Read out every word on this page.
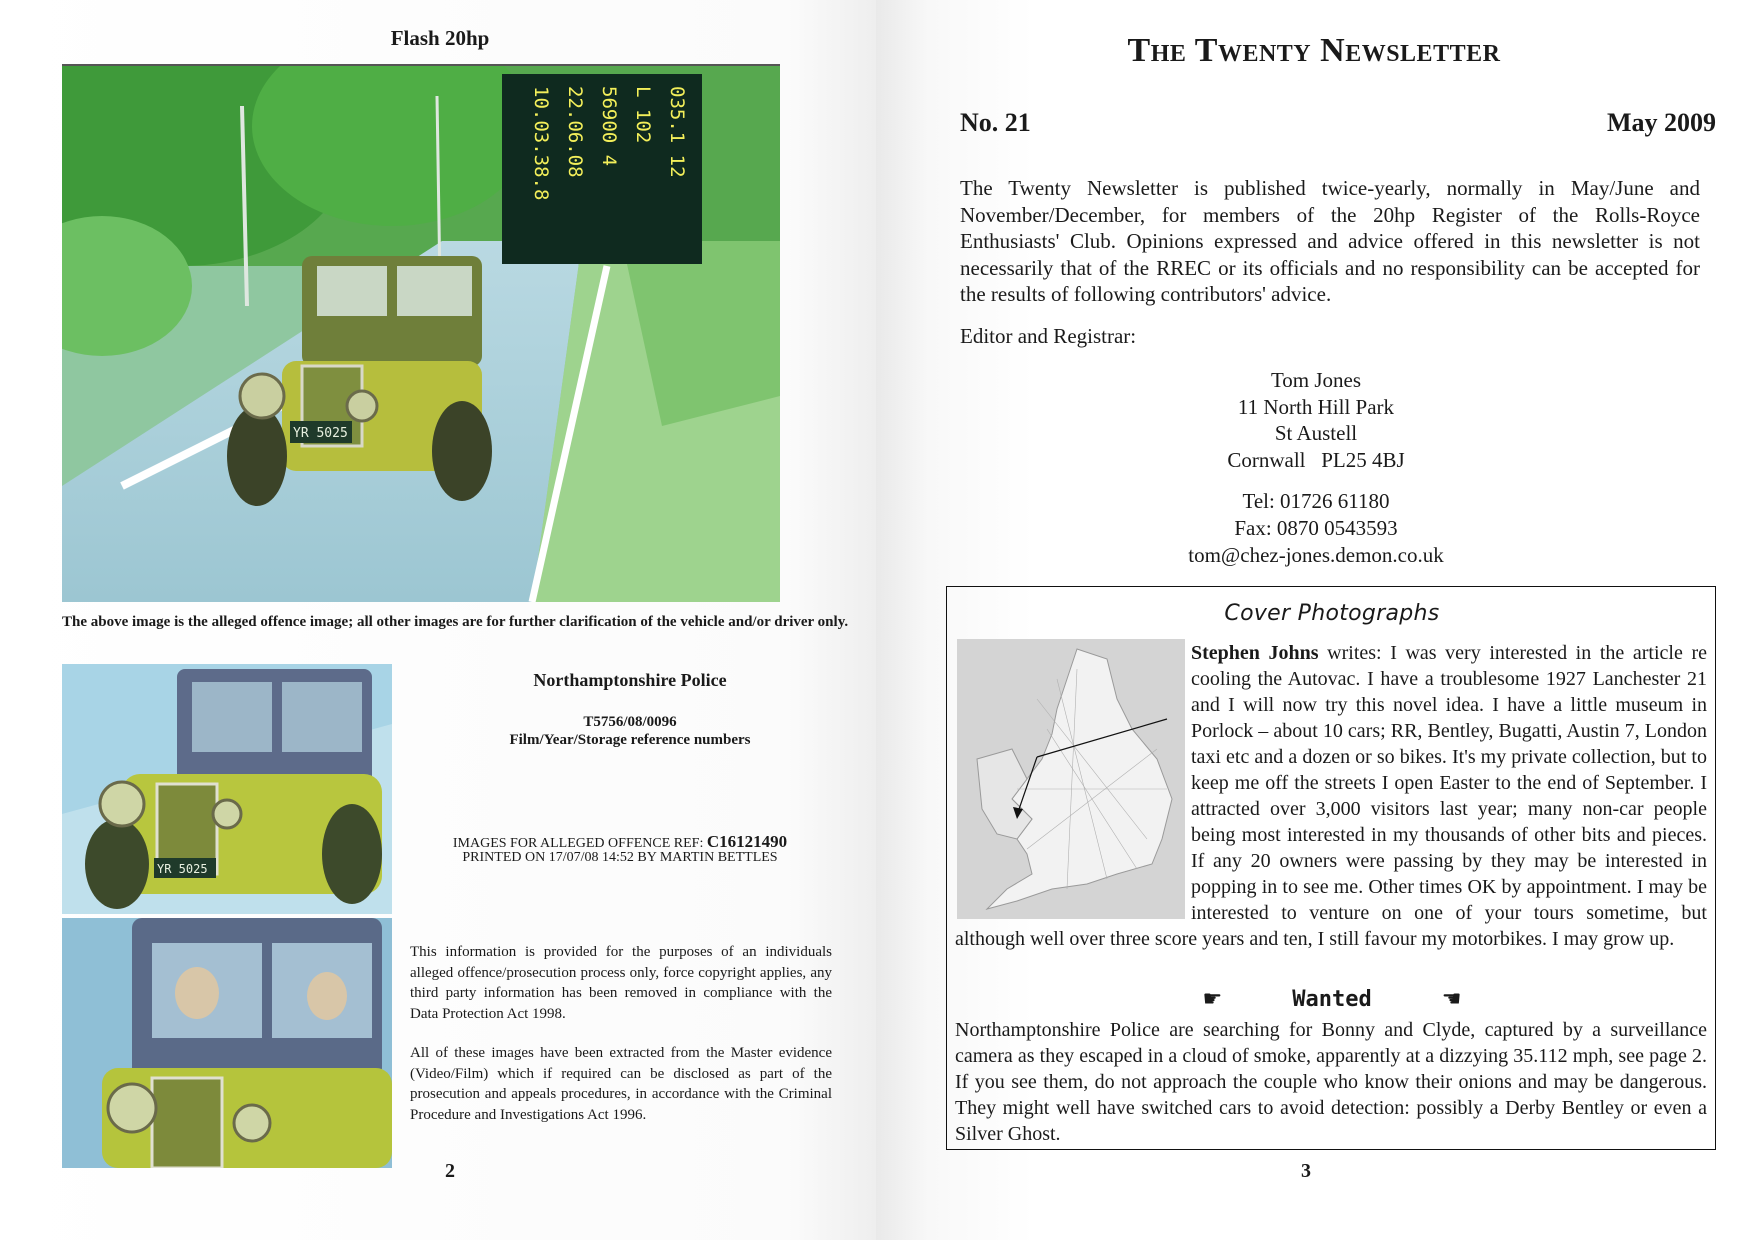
Flash 20hp
YR 5025
10.03.38.8 22.06.08 56900 4 L 102 035.1 12
The above image is the alleged offence image; all other images are for further clarification of the vehicle and/or driver only.
YR 5025
Northamptonshire Police
T5756/08/0096
Film/Year/Storage reference numbers
IMAGES FOR ALLEGED OFFENCE REF: C16121490
PRINTED ON 17/07/08 14:52 BY MARTIN BETTLES
This information is provided for the purposes of an individuals alleged offence/prosecution process only, force copyright applies, any third party information has been removed in compliance with the Data Protection Act 1998.
All of these images have been extracted from the Master evidence (Video/Film) which if required can be disclosed as part of the prosecution and appeals procedures, in accordance with the Criminal Procedure and Investigations Act 1996.
2
The Twenty Newsletter
No. 21	May 2009
The Twenty Newsletter is published twice-yearly, normally in May/June and November/December, for members of the 20hp Register of the Rolls-Royce Enthusiasts' Club. Opinions expressed and advice offered in this newsletter is not necessarily that of the RREC or its officials and no responsibility can be accepted for the results of following contributors' advice.
Editor and Registrar:
Tom Jones
11 North Hill Park
St Austell
Cornwall   PL25 4BJ
Tel: 01726 61180
Fax: 0870 0543593
tom@chez-jones.demon.co.uk
Cover Photographs
Stephen Johns writes: I was very interested in the article re cooling the Autovac. I have a troublesome 1927 Lanchester 21 and I will now try this novel idea. I have a little museum in Porlock – about 10 cars; RR, Bentley, Bugatti, Austin 7, London taxi etc and a dozen or so bikes. It's my private collection, but to keep me off the streets I open Easter to the end of September. I attracted over 3,000 visitors last year; many non-car people being most interested in my thousands of other bits and pieces. If any 20 owners were passing by they may be interested in popping in to see me. Other times OK by appointment. I may be interested to venture on one of your tours sometime, but although well over three score years and ten, I still favour my motorbikes. I may grow up.
☛	Wanted	☚
Northamptonshire Police are searching for Bonny and Clyde, captured by a surveillance camera as they escaped in a cloud of smoke, apparently at a dizzying 35.112 mph, see page 2. If you see them, do not approach the couple who know their onions and may be dangerous. They might well have switched cars to avoid detection: possibly a Derby Bentley or even a Silver Ghost.
3
